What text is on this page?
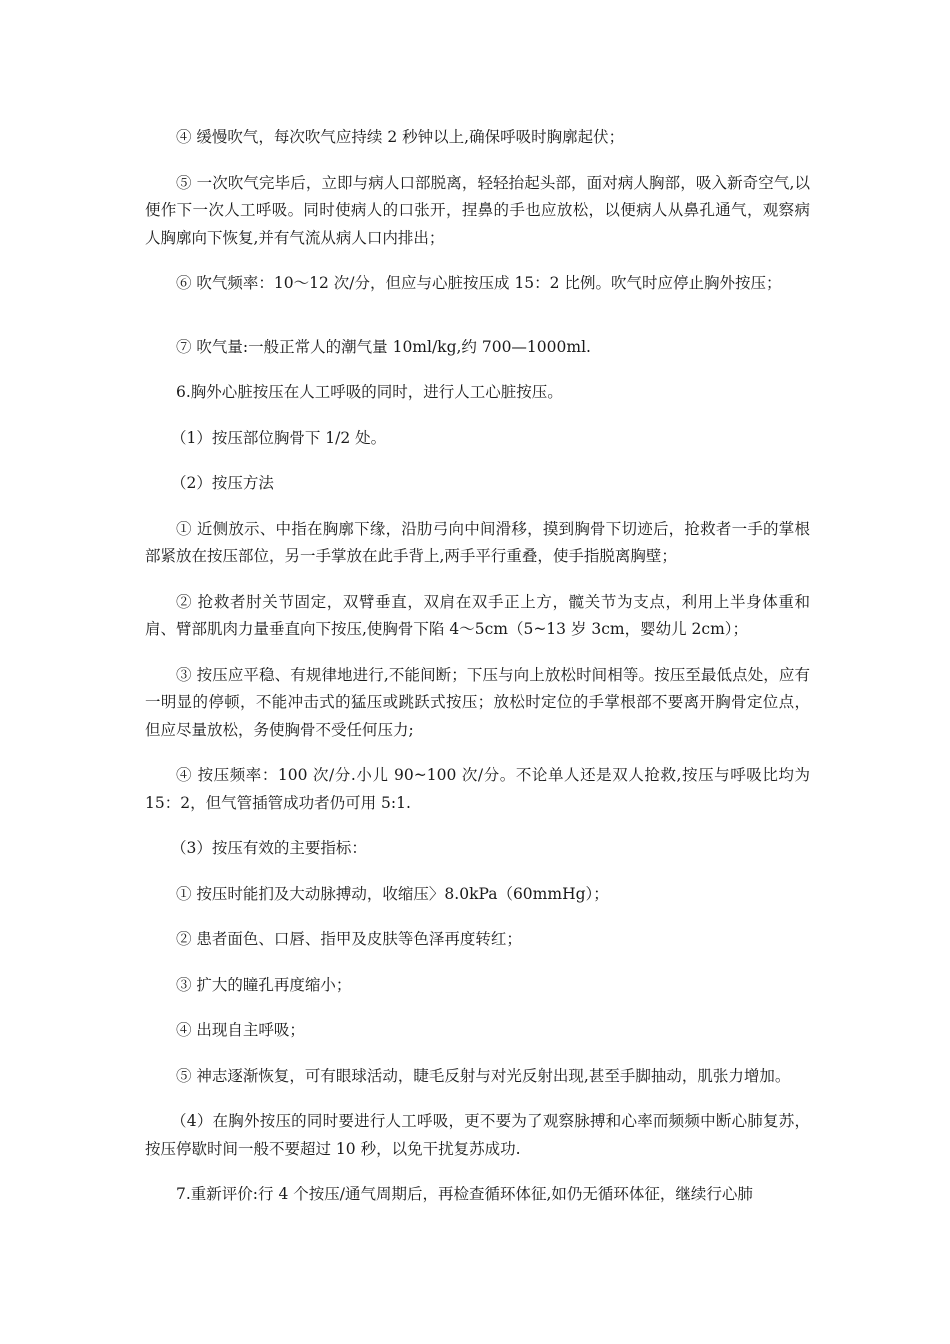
④ 缓慢吹气，每次吹气应持续 2 秒钟以上,确保呼吸时胸廓起伏；

⑤ 一次吹气完毕后，立即与病人口部脱离，轻轻抬起头部，面对病人胸部，吸入新奇空气,以便作下一次人工呼吸。同时使病人的口张开，捏鼻的手也应放松，以便病人从鼻孔通气，观察病人胸廓向下恢复,并有气流从病人口内排出；

⑥ 吹气频率：10～12 次/分，但应与心脏按压成 15：2 比例。吹气时应停止胸外按压；

⑦ 吹气量:一般正常人的潮气量 10ml/kg,约 700—1000ml.

6.胸外心脏按压在人工呼吸的同时，进行人工心脏按压。

（1）按压部位胸骨下 1/2 处。

（2）按压方法

① 近侧放示、中指在胸廓下缘，沿肋弓向中间滑移，摸到胸骨下切迹后，抢救者一手的掌根部紧放在按压部位，另一手掌放在此手背上,两手平行重叠，使手指脱离胸壁；

② 抢救者肘关节固定，双臂垂直，双肩在双手正上方，髋关节为支点，利用上半身体重和肩、臂部肌肉力量垂直向下按压,使胸骨下陷 4～5cm（5~13 岁 3cm，婴幼儿 2cm）；

③ 按压应平稳、有规律地进行,不能间断；下压与向上放松时间相等。按压至最低点处，应有一明显的停顿，不能冲击式的猛压或跳跃式按压；放松时定位的手掌根部不要离开胸骨定位点，但应尽量放松，务使胸骨不受任何压力;

④ 按压频率：100 次/分.小儿 90~100 次/分。不论单人还是双人抢救,按压与呼吸比均为 15：2，但气管插管成功者仍可用 5:1.

（3）按压有效的主要指标：

① 按压时能扪及大动脉搏动，收缩压〉8.0kPa（60mmHg）；

② 患者面色、口唇、指甲及皮肤等色泽再度转红；

③ 扩大的瞳孔再度缩小；

④ 出现自主呼吸；

⑤ 神志逐渐恢复，可有眼球活动，睫毛反射与对光反射出现,甚至手脚抽动，肌张力增加。

（4）在胸外按压的同时要进行人工呼吸，更不要为了观察脉搏和心率而频频中断心肺复苏，按压停歇时间一般不要超过 10 秒，以免干扰复苏成功.

7.重新评价:行 4 个按压/通气周期后，再检查循环体征,如仍无循环体征，继续行心肺
